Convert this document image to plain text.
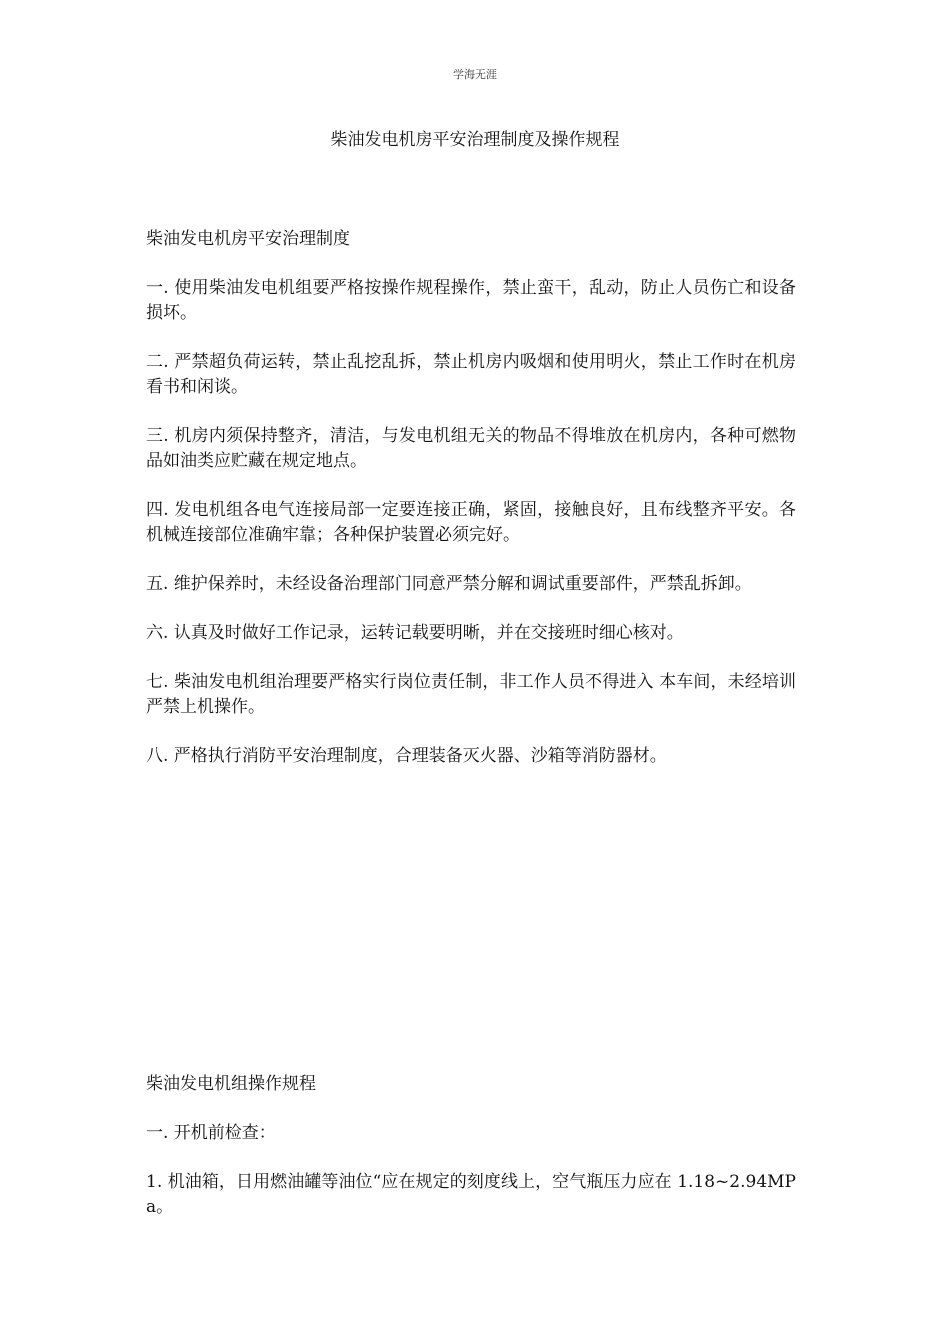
学海无涯
柴油发电机房平安治理制度及操作规程
柴油发电机房平安治理制度
一. 使用柴油发电机组要严格按操作规程操作，禁止蛮干，乱动，防止人员伤亡和设备损坏。
二. 严禁超负荷运转，禁止乱挖乱拆，禁止机房内吸烟和使用明火，禁止工作时在机房看书和闲谈。
三. 机房内须保持整齐，清洁，与发电机组无关的物品不得堆放在机房内，各种可燃物品如油类应贮藏在规定地点。
四. 发电机组各电气连接局部一定要连接正确，紧固，接触良好，且布线整齐平安。各机械连接部位准确牢靠；各种保护装置必须完好。
五. 维护保养时，未经设备治理部门同意严禁分解和调试重要部件，严禁乱拆卸。
六. 认真及时做好工作记录，运转记载要明晰，并在交接班时细心核对。
七. 柴油发电机组治理要严格实行岗位责任制，非工作人员不得进入 本车间，未经培训严禁上机操作。
八. 严格执行消防平安治理制度，合理装备灭火器、沙箱等消防器材。
柴油发电机组操作规程
一. 开机前检查：
1. 机油箱，日用燃油罐等油位“应在规定的刻度线上，空气瓶压力应在 1.18~2.94MPa。
